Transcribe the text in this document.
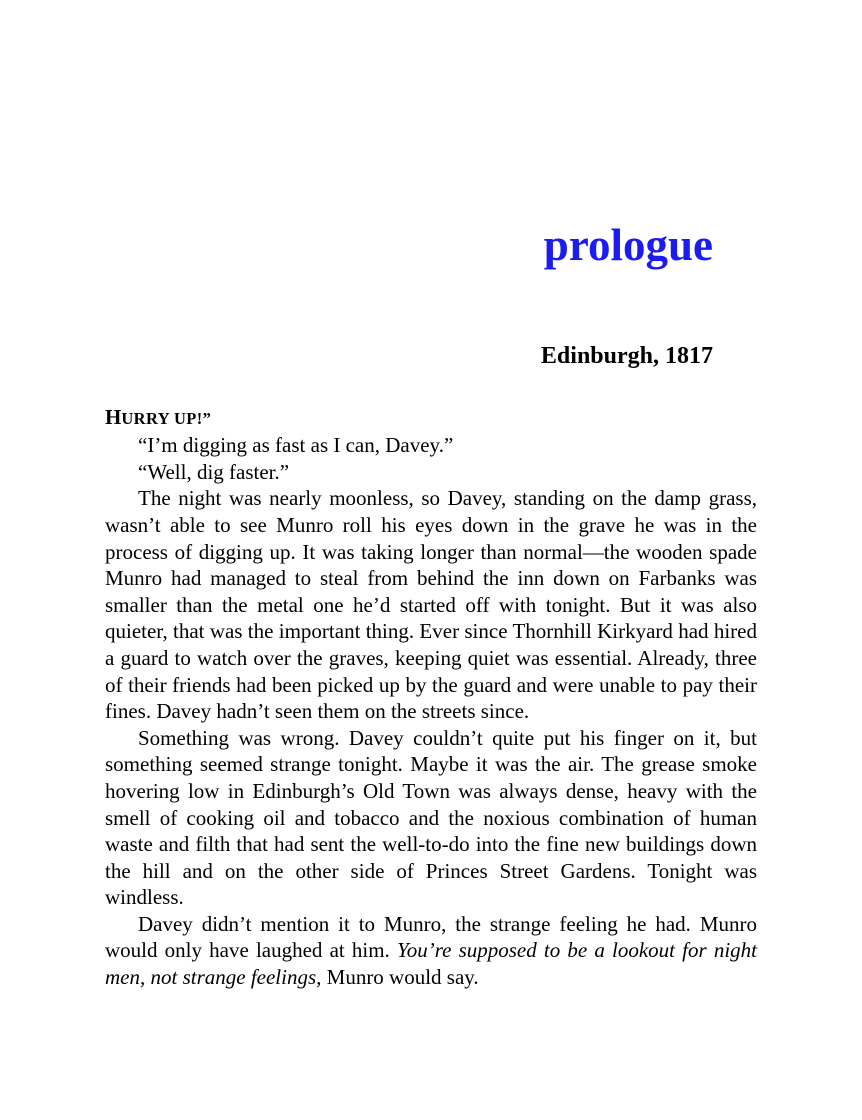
prologue
Edinburgh, 1817

HURRY UP!”

“I’m digging as fast as I can, Davey.”

“Well, dig faster.”

The night was nearly moonless, so Davey, standing on the damp grass, wasn’t able to see Munro roll his eyes down in the grave he was in the process of digging up. It was taking longer than normal—the wooden spade Munro had managed to steal from behind the inn down on Farbanks was smaller than the metal one he’d started off with tonight. But it was also quieter, that was the important thing. Ever since Thornhill Kirkyard had hired a guard to watch over the graves, keeping quiet was essential. Already, three of their friends had been picked up by the guard and were unable to pay their fines. Davey hadn’t seen them on the streets since.

Something was wrong. Davey couldn’t quite put his finger on it, but something seemed strange tonight. Maybe it was the air. The grease smoke hovering low in Edinburgh’s Old Town was always dense, heavy with the smell of cooking oil and tobacco and the noxious combination of human waste and filth that had sent the well-to-do into the fine new buildings down the hill and on the other side of Princes Street Gardens. Tonight was windless.

Davey didn’t mention it to Munro, the strange feeling he had. Munro would only have laughed at him. You’re supposed to be a lookout for night men, not strange feelings, Munro would say.
